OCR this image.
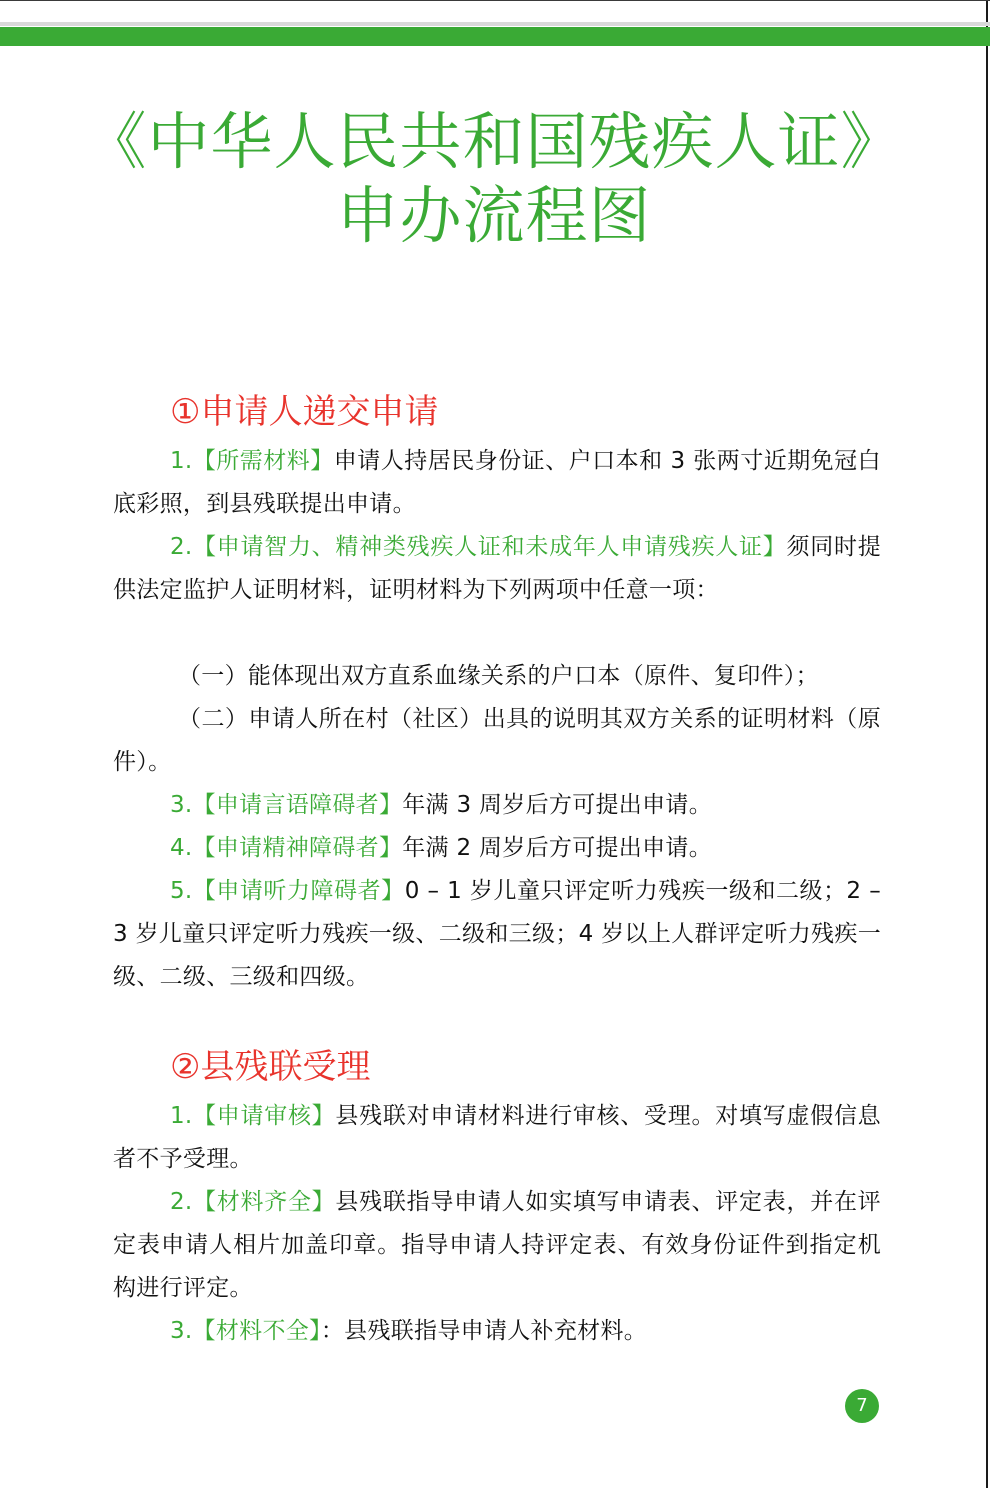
《中华人民共和国残疾人证》
申办流程图
①申请人递交申请
1.【所需材料】申请人持居民身份证、户口本和 3 张两寸近期免冠白底彩照，到县残联提出申请。
2.【申请智力、精神类残疾人证和未成年人申请残疾人证】须同时提供法定监护人证明材料，证明材料为下列两项中任意一项：
（一）能体现出双方直系血缘关系的户口本（原件、复印件）；
（二）申请人所在村（社区）出具的说明其双方关系的证明材料（原件）。
3.【申请言语障碍者】年满 3 周岁后方可提出申请。
4.【申请精神障碍者】年满 2 周岁后方可提出申请。
5.【申请听力障碍者】0 – 1 岁儿童只评定听力残疾一级和二级；2 – 3 岁儿童只评定听力残疾一级、二级和三级；4 岁以上人群评定听力残疾一级、二级、三级和四级。
②县残联受理
1.【申请审核】县残联对申请材料进行审核、受理。对填写虚假信息者不予受理。
2.【材料齐全】县残联指导申请人如实填写申请表、评定表，并在评定表申请人相片加盖印章。指导申请人持评定表、有效身份证件到指定机构进行评定。
3.【材料不全】：县残联指导申请人补充材料。
7
